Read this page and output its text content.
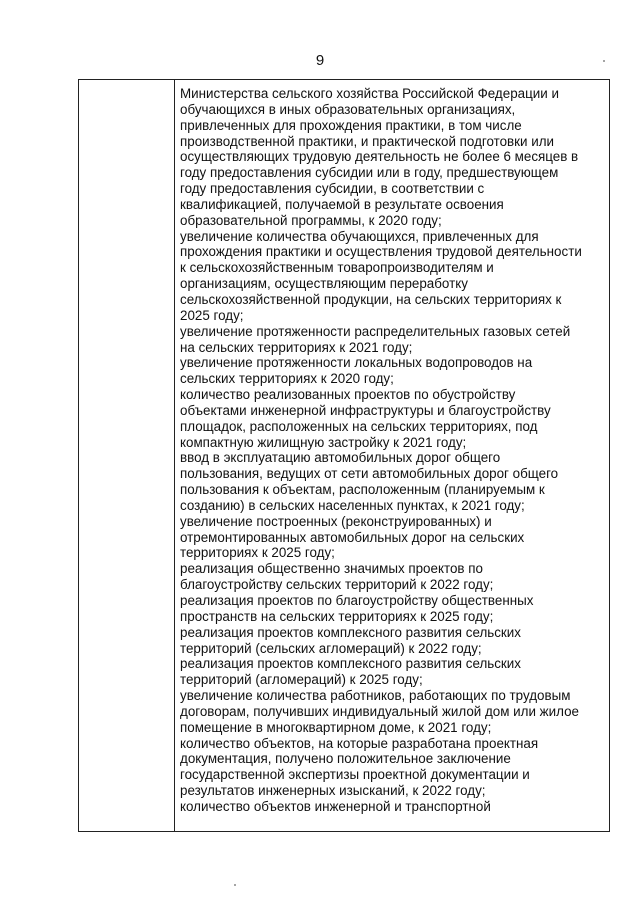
9
Министерства сельского хозяйства Российской Федерации и
обучающихся в иных образовательных организациях,
привлеченных для прохождения практики, в том числе
производственной практики, и практической подготовки или
осуществляющих трудовую деятельность не более 6 месяцев в
году предоставления субсидии или в году, предшествующем
году предоставления субсидии, в соответствии с
квалификацией, получаемой в результате освоения
образовательной программы, к 2020 году;
увеличение количества обучающихся, привлеченных для
прохождения практики и осуществления трудовой деятельности
к сельскохозяйственным товаропроизводителям и
организациям, осуществляющим переработку
сельскохозяйственной продукции, на сельских территориях к
2025 году;
увеличение протяженности распределительных газовых сетей
на сельских территориях к 2021 году;
увеличение протяженности локальных водопроводов на
сельских территориях к 2020 году;
количество реализованных проектов по обустройству
объектами инженерной инфраструктуры и благоустройству
площадок, расположенных на сельских территориях, под
компактную жилищную застройку к 2021 году;
ввод в эксплуатацию автомобильных дорог общего
пользования, ведущих от сети автомобильных дорог общего
пользования к объектам, расположенным (планируемым к
созданию) в сельских населенных пунктах, к 2021 году;
увеличение построенных (реконструированных) и
отремонтированных автомобильных дорог на сельских
территориях к 2025 году;
реализация общественно значимых проектов по
благоустройству сельских территорий к 2022 году;
реализация проектов по благоустройству общественных
пространств на сельских территориях к 2025 году;
реализация проектов комплексного развития сельских
территорий (сельских агломераций) к 2022 году;
реализация проектов комплексного развития сельских
территорий (агломераций) к 2025 году;
увеличение количества работников, работающих по трудовым
договорам, получивших индивидуальный жилой дом или жилое
помещение в многоквартирном доме, к 2021 году;
количество объектов, на которые разработана проектная
документация, получено положительное заключение
государственной экспертизы проектной документации и
результатов инженерных изысканий, к 2022 году;
количество объектов инженерной и транспортной
